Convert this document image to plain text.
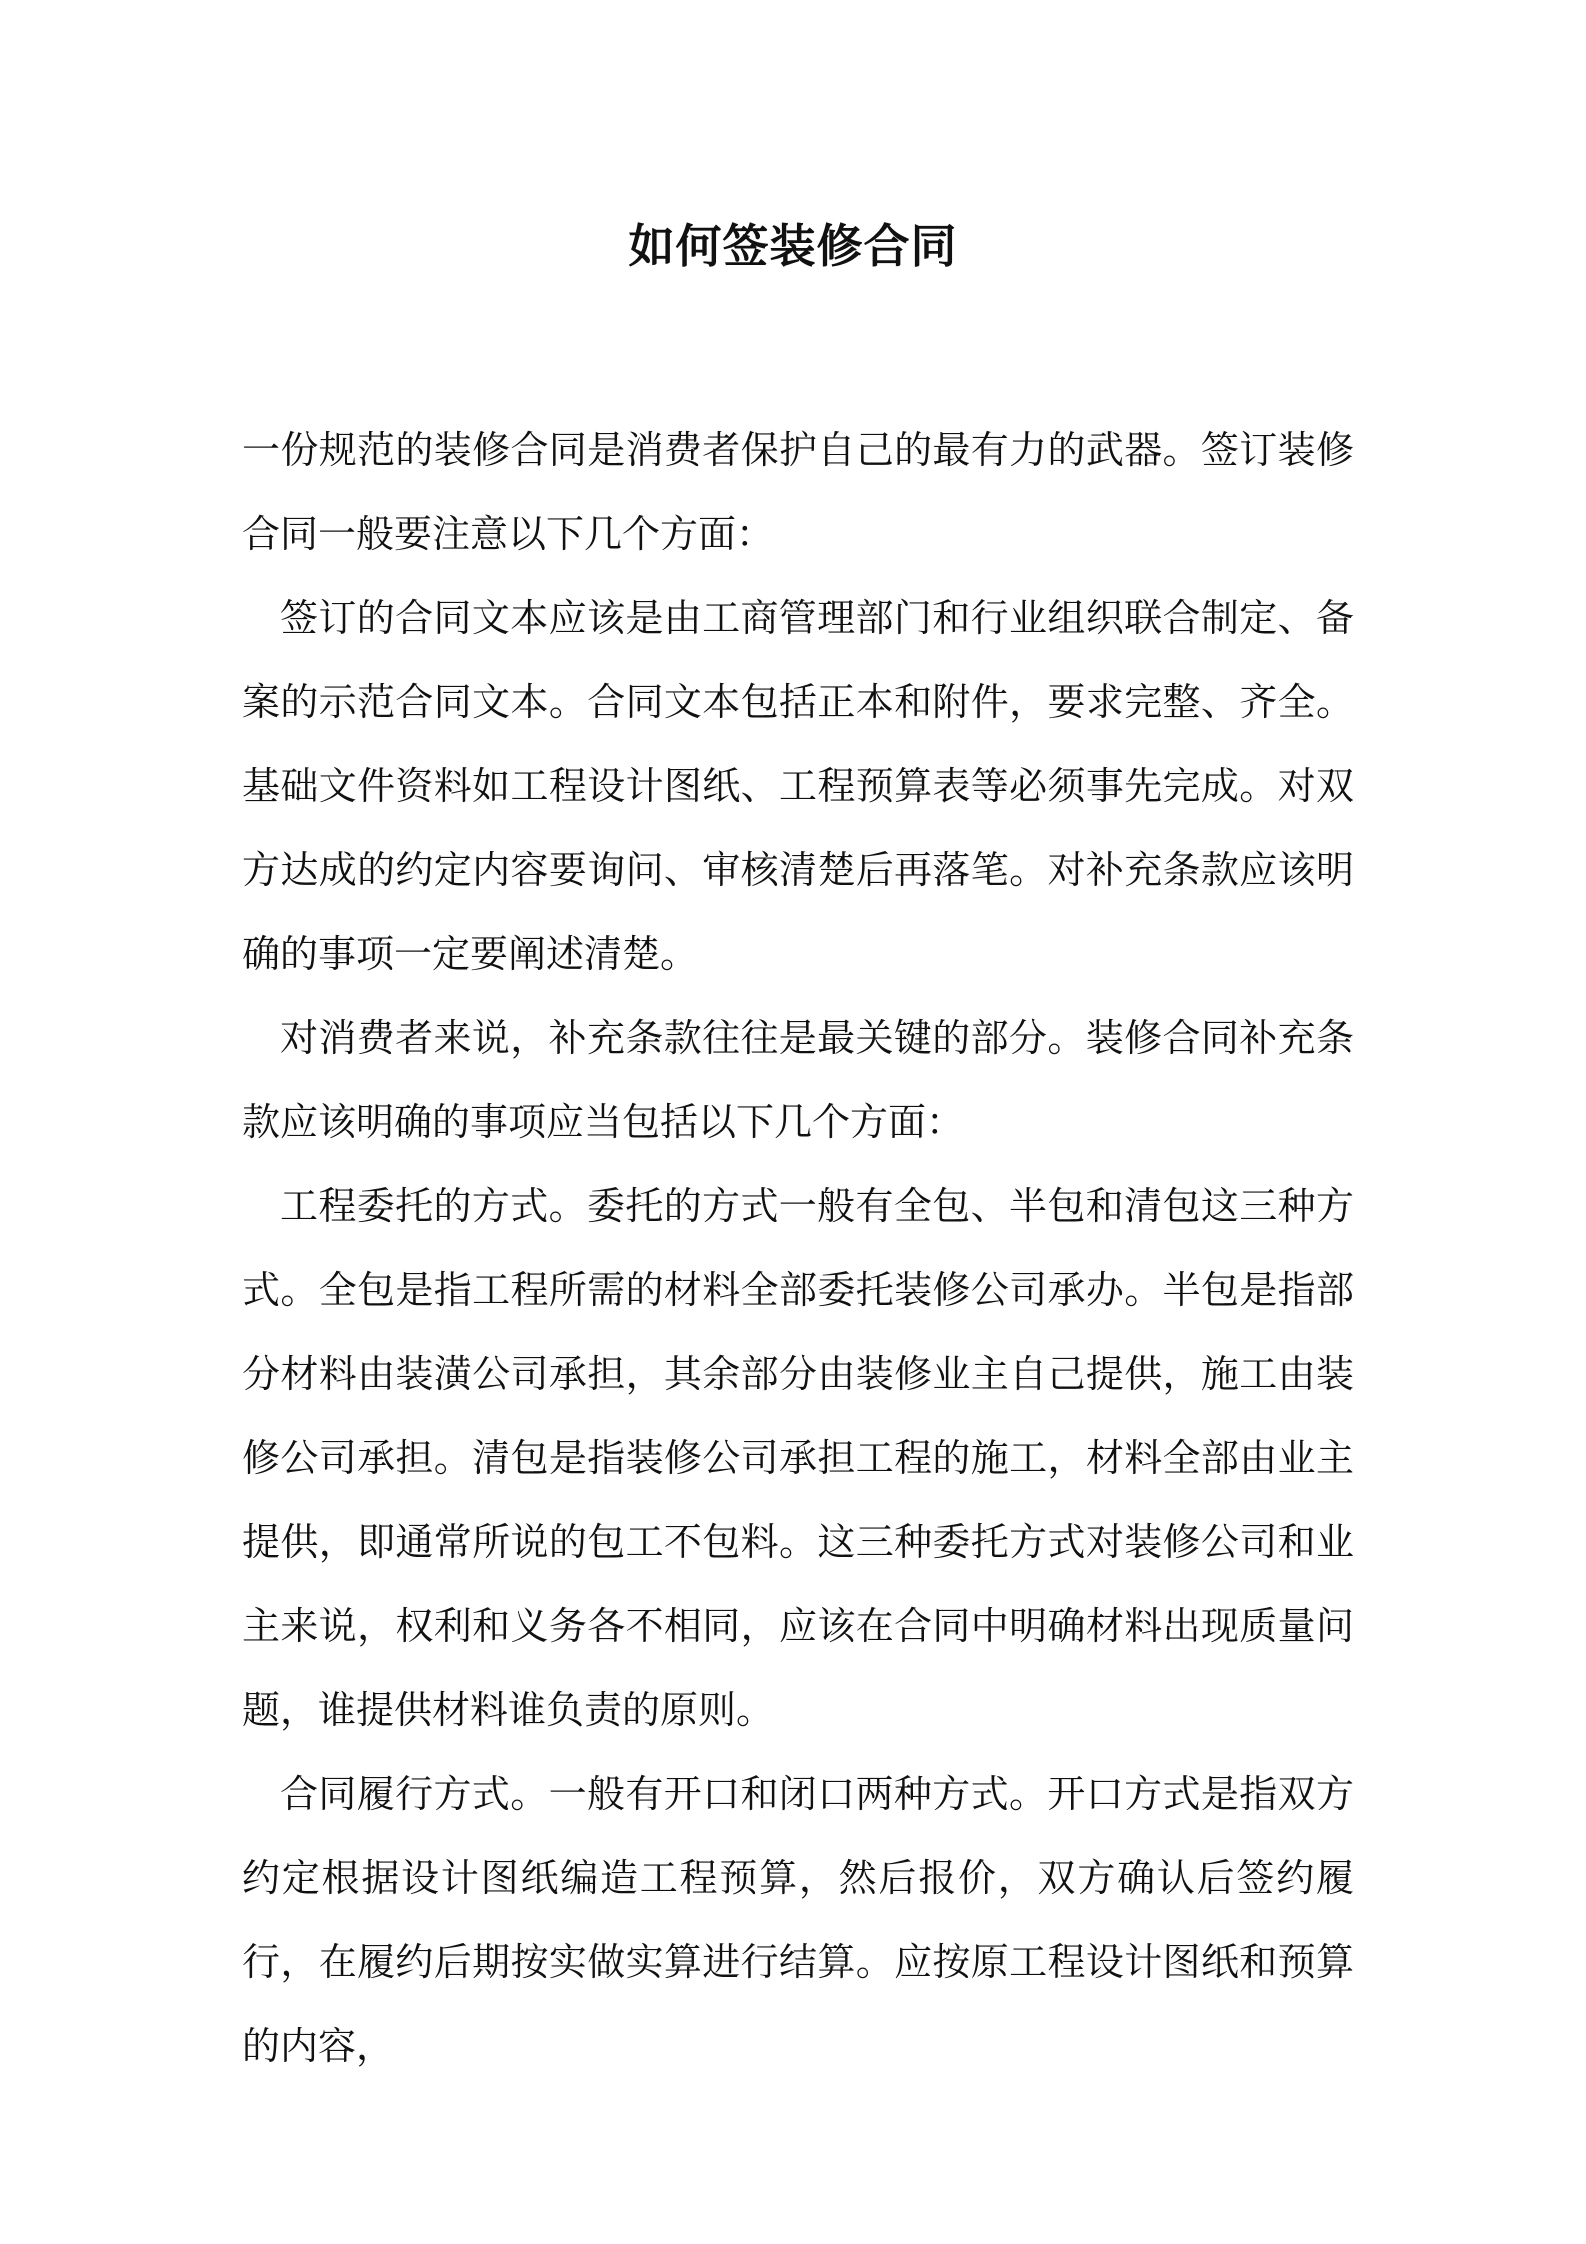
如何签装修合同

一份规范的装修合同是消费者保护自己的最有力的武器。签订装修合同一般要注意以下几个方面：

签订的合同文本应该是由工商管理部门和行业组织联合制定、备案的示范合同文本。合同文本包括正本和附件，要求完整、齐全。基础文件资料如工程设计图纸、工程预算表等必须事先完成。对双方达成的约定内容要询问、审核清楚后再落笔。对补充条款应该明确的事项一定要阐述清楚。

对消费者来说，补充条款往往是最关键的部分。装修合同补充条款应该明确的事项应当包括以下几个方面：

工程委托的方式。委托的方式一般有全包、半包和清包这三种方式。全包是指工程所需的材料全部委托装修公司承办。半包是指部分材料由装潢公司承担，其余部分由装修业主自己提供，施工由装修公司承担。清包是指装修公司承担工程的施工，材料全部由业主提供，即通常所说的包工不包料。这三种委托方式对装修公司和业主来说，权利和义务各不相同，应该在合同中明确材料出现质量问题，谁提供材料谁负责的原则。

合同履行方式。一般有开口和闭口两种方式。开口方式是指双方约定根据设计图纸编造工程预算，然后报价，双方确认后签约履行，在履约后期按实做实算进行结算。应按原工程设计图纸和预算的内容，
